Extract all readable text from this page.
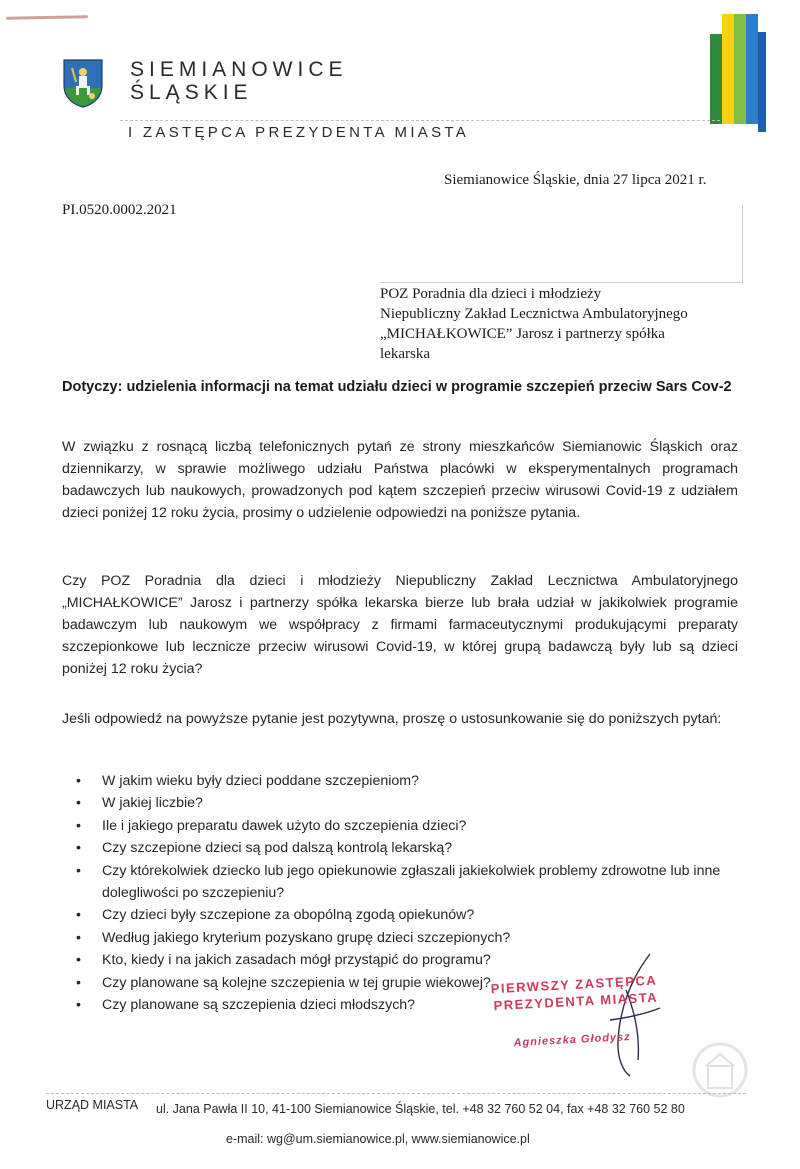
SIEMIANOWICE
ŚLĄSKIE
I ZASTĘPCA PREZYDENTA MIASTA
Siemianowice Śląskie, dnia 27 lipca 2021 r.
PI.0520.0002.2021
POZ Poradnia dla dzieci i młodzieży
Niepubliczny Zakład Lecznictwa Ambulatoryjnego
„MICHAŁKOWICE” Jarosz i partnerzy spółka
lekarska
Dotyczy: udzielenia informacji na temat udziału dzieci w programie szczepień przeciw Sars Cov-2
W związku z rosnącą liczbą telefonicznych pytań ze strony mieszkańców Siemianowic Śląskich oraz dziennikarzy, w sprawie możliwego udziału Państwa placówki w eksperymentalnych programach badawczych lub naukowych, prowadzonych pod kątem szczepień przeciw wirusowi Covid-19 z udziałem dzieci poniżej 12 roku życia, prosimy o udzielenie odpowiedzi na poniższe pytania.
Czy POZ Poradnia dla dzieci i młodzieży Niepubliczny Zakład Lecznictwa Ambulatoryjnego „MICHAŁKOWICE” Jarosz i partnerzy spółka lekarska bierze lub brała udział w jakikolwiek programie badawczym lub naukowym we współpracy z firmami farmaceutycznymi produkującymi preparaty szczepionkowe lub lecznicze przeciw wirusowi Covid-19, w której grupą badawczą były lub są dzieci poniżej 12 roku życia?
Jeśli odpowiedź na powyższe pytanie jest pozytywna, proszę o ustosunkowanie się do poniższych pytań:
• W jakim wieku były dzieci poddane szczepieniom?
• W jakiej liczbie?
• Ile i jakiego preparatu dawek użyto do szczepienia dzieci?
• Czy szczepione dzieci są pod dalszą kontrolą lekarską?
• Czy którekolwiek dziecko lub jego opiekunowie zgłaszali jakiekolwiek problemy zdrowotne lub inne dolegliwości po szczepieniu?
• Czy dzieci były szczepione za obopólną zgodą opiekunów?
• Według jakiego kryterium pozyskano grupę dzieci szczepionych?
• Kto, kiedy i na jakich zasadach mógł przystąpić do programu?
• Czy planowane są kolejne szczepienia w tej grupie wiekowej?
• Czy planowane są szczepienia dzieci młodszych?
PIERWSZY ZASTĘPCA
PREZYDENTA MIASTA
Agnieszka Głodysz
URZĄD MIASTA ul. Jana Pawła II 10, 41-100 Siemianowice Śląskie, tel. +48 32 760 52 04, fax +48 32 760 52 80
e-mail: wg@um.siemianowice.pl, www.siemianowice.pl
